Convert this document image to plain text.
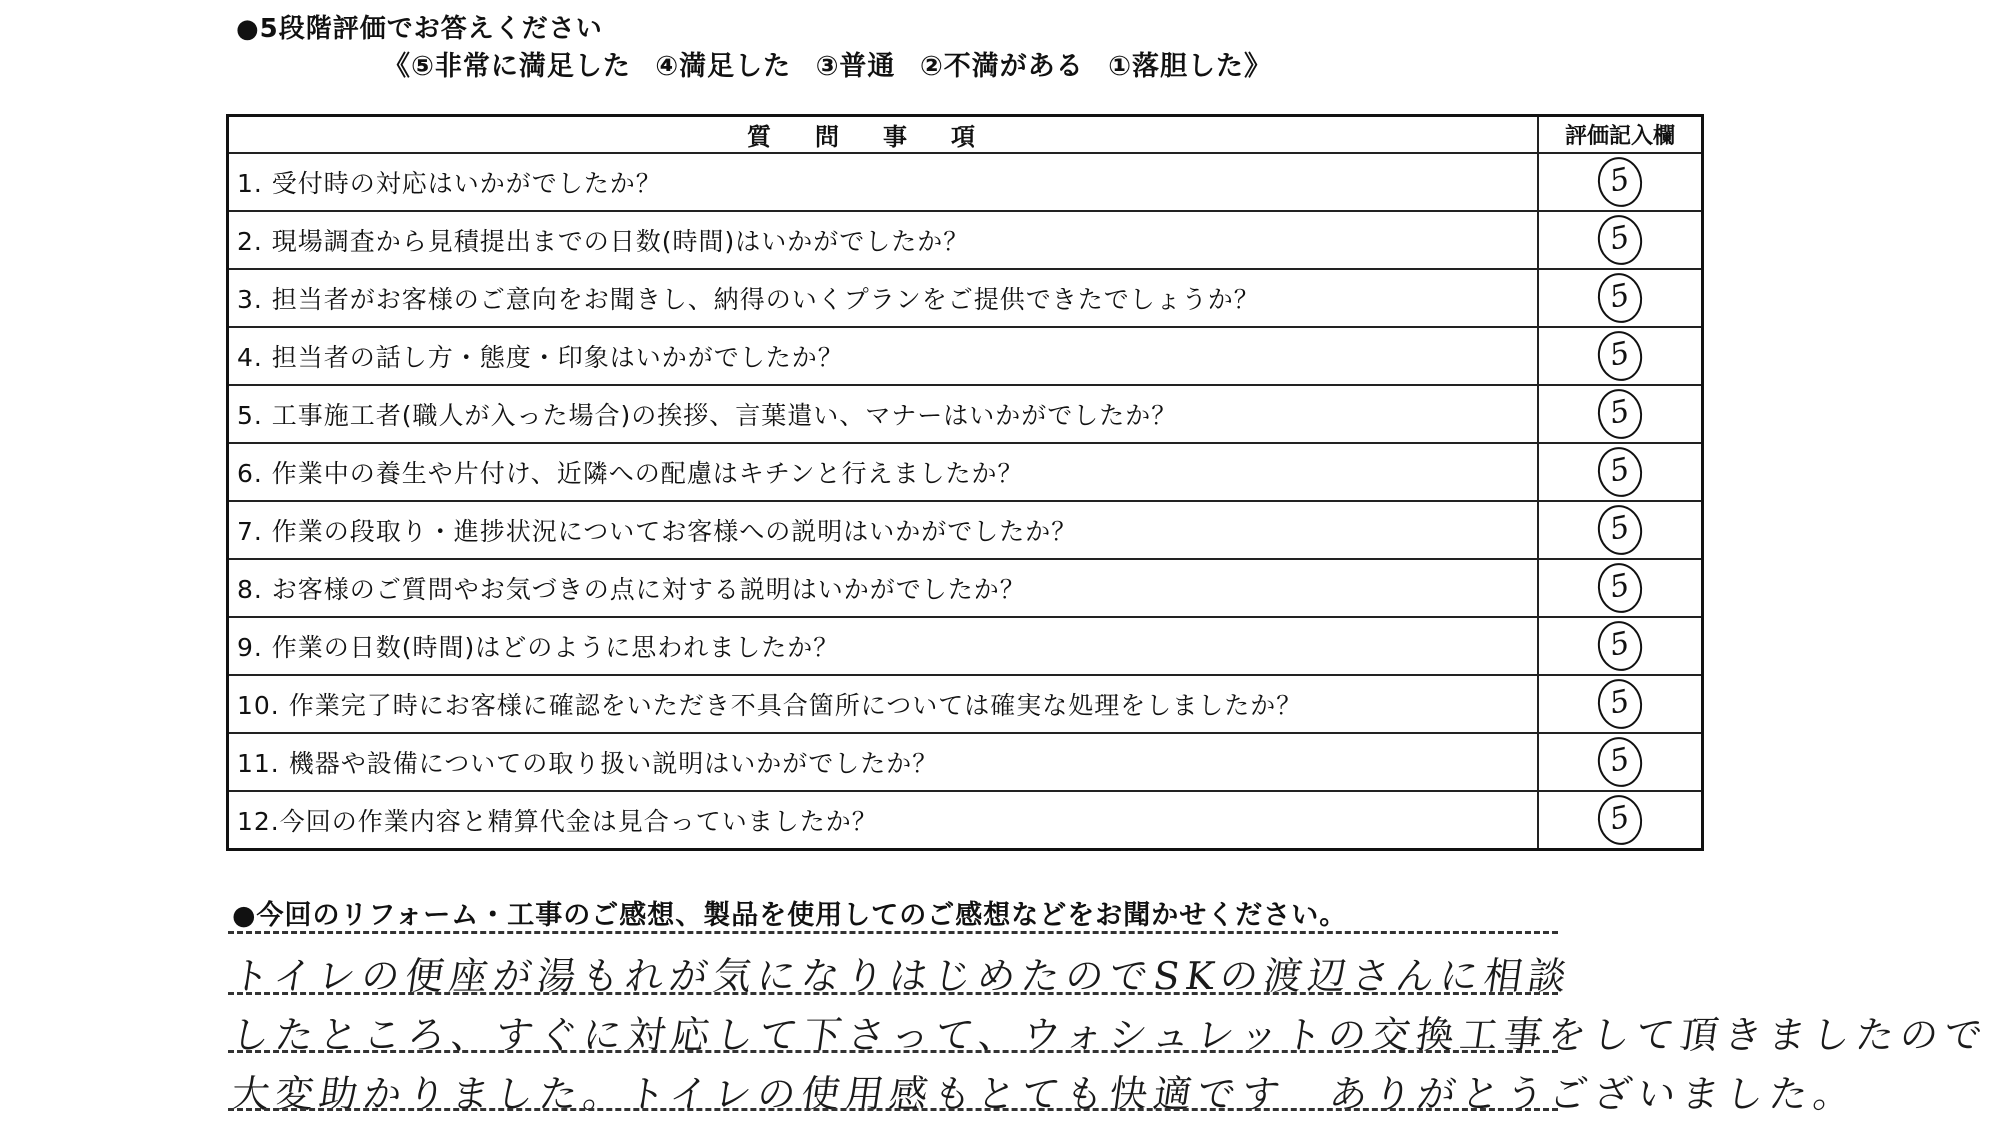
●5段階評価でお答えください
《⑤非常に満足した ④満足した ③普通 ②不満がある ①落胆した》
質問事項	評価記入欄
1. 受付時の対応はいかがでしたか？	5
2. 現場調査から見積提出までの日数(時間)はいかがでしたか？	5
3. 担当者がお客様のご意向をお聞きし、納得のいくプランをご提供できたでしょうか？	5
4. 担当者の話し方・態度・印象はいかがでしたか？	5
5. 工事施工者(職人が入った場合)の挨拶、言葉遣い、マナーはいかがでしたか？	5
6. 作業中の養生や片付け、近隣への配慮はキチンと行えましたか？	5
7. 作業の段取り・進捗状況についてお客様への説明はいかがでしたか？	5
8. お客様のご質問やお気づきの点に対する説明はいかがでしたか？	5
9. 作業の日数(時間)はどのように思われましたか？	5
10. 作業完了時にお客様に確認をいただき不具合箇所については確実な処理をしましたか？	5
11. 機器や設備についての取り扱い説明はいかがでしたか？	5
12.今回の作業内容と精算代金は見合っていましたか？	5
●今回のリフォーム・工事のご感想、製品を使用してのご感想などをお聞かせください。
トイレの便座が湯もれが気になりはじめたのでSKの渡辺さんに相談
したところ、すぐに対応して下さって、ウォシュレットの交換工事をして頂きましたので
大変助かりました。トイレの使用感もとても快適です　ありがとうございました。
